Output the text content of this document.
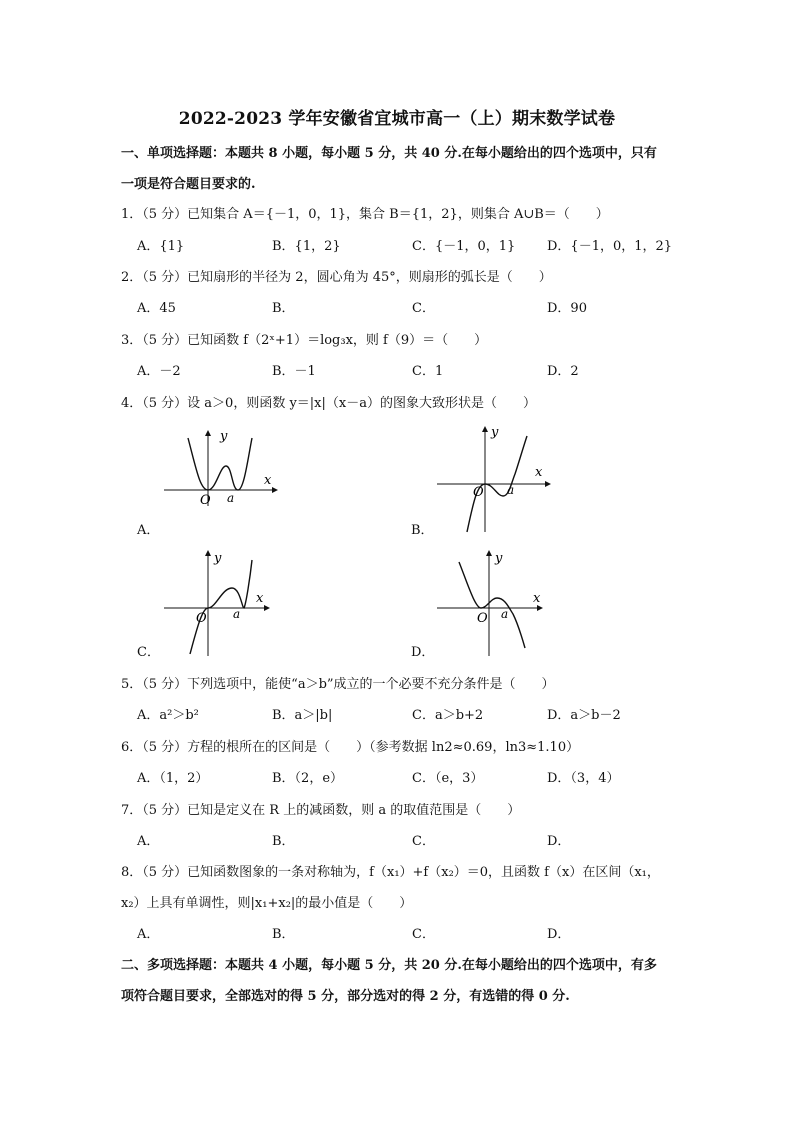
2022-2023 学年安徽省宜城市高一（上）期末数学试卷
一、单项选择题：本题共 8 小题，每小题 5 分，共 40 分.在每小题给出的四个选项中，只有
一项是符合题目要求的.
1．（5 分）已知集合 A＝{－1，0，1}，集合 B＝{1，2}，则集合 A∪B＝（　　）
A．{1}	B．{1，2}	C．{－1，0，1} D．{－1，0，1，2}
2．（5 分）已知扇形的半径为 2，圆心角为 45°，则扇形的弧长是（　　）
A．45	B．	C．	D．90
3．（5 分）已知函数 f（2ˣ+1）＝log₃x，则 f（9）＝（　　）
A．－2	B．－1	C．1	D．2
4．（5 分）设 a＞0，则函数 y＝|x|（x－a）的图象大致形状是（　　）
y
x
O a
A．
y
x
O a
B．
y
x
O a
C．
y
x
O a
D．
5．（5 分）下列选项中，能使“a＞b”成立的一个必要不充分条件是（　　）
A．a²＞b²	B．a＞|b|	C．a＞b+2	D．a＞b－2
6．（5 分）方程的根所在的区间是（　　）（参考数据 ln2≈0.69，ln3≈1.10）
A．（1，2）	B．（2，e）	C．（e，3）	D．（3，4）
7．（5 分）已知是定义在 R 上的减函数，则 a 的取值范围是（　　）
A．	B．	C．	D．
8．（5 分）已知函数图象的一条对称轴为，f（x₁）+f（x₂）＝0，且函数 f（x）在区间（x₁，
x₂）上具有单调性，则|x₁+x₂|的最小值是（　　）
A．	B．	C．	D．
二、多项选择题：本题共 4 小题，每小题 5 分，共 20 分.在每小题给出的四个选项中，有多
项符合题目要求，全部选对的得 5 分，部分选对的得 2 分，有选错的得 0 分.
